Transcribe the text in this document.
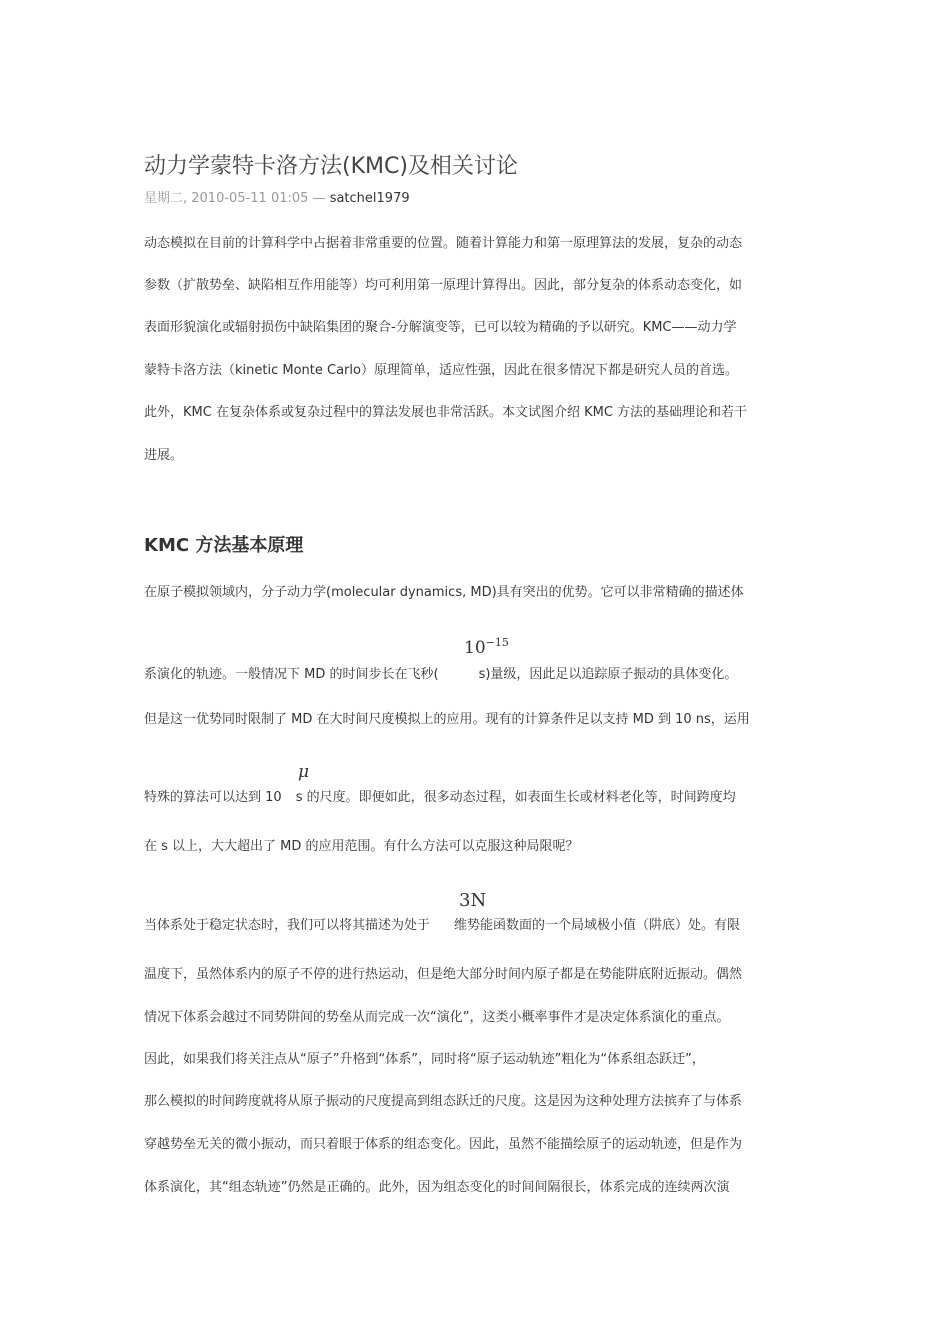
动力学蒙特卡洛方法(KMC)及相关讨论
星期二, 2010-05-11 01:05 — satchel1979
动态模拟在目前的计算科学中占据着非常重要的位置。随着计算能力和第一原理算法的发展，复杂的动态
参数（扩散势垒、缺陷相互作用能等）均可利用第一原理计算得出。因此，部分复杂的体系动态变化，如
表面形貌演化或辐射损伤中缺陷集团的聚合-分解演变等，已可以较为精确的予以研究。KMC——动力学
蒙特卡洛方法（kinetic Monte Carlo）原理简单，适应性强，因此在很多情况下都是研究人员的首选。
此外，KMC 在复杂体系或复杂过程中的算法发展也非常活跃。本文试图介绍 KMC 方法的基础理论和若干
进展。
KMC 方法基本原理
在原子模拟领域内，分子动力学(molecular dynamics, MD)具有突出的优势。它可以非常精确的描述体
$10^{-15}$
系演化的轨迹。一般情况下 MD 的时间步长在飞秒(	s)量级，因此足以追踪原子振动的具体变化。
但是这一优势同时限制了 MD 在大时间尺度模拟上的应用。现有的计算条件足以支持 MD 到 10 ns，运用
μ
特殊的算法可以达到 10 s 的尺度。即便如此，很多动态过程，如表面生长或材料老化等，时间跨度均
在 s 以上，大大超出了 MD 的应用范围。有什么方法可以克服这种局限呢？
3N
当体系处于稳定状态时，我们可以将其描述为处于 维势能函数面的一个局域极小值（阱底）处。有限
温度下，虽然体系内的原子不停的进行热运动，但是绝大部分时间内原子都是在势能阱底附近振动。偶然
情况下体系会越过不同势阱间的势垒从而完成一次“演化”，这类小概率事件才是决定体系演化的重点。
因此，如果我们将关注点从“原子”升格到“体系”，同时将“原子运动轨迹”粗化为“体系组态跃迁”，
那么模拟的时间跨度就将从原子振动的尺度提高到组态跃迁的尺度。这是因为这种处理方法摈弃了与体系
穿越势垒无关的微小振动，而只着眼于体系的组态变化。因此，虽然不能描绘原子的运动轨迹，但是作为
体系演化，其“组态轨迹”仍然是正确的。此外，因为组态变化的时间间隔很长，体系完成的连续两次演
